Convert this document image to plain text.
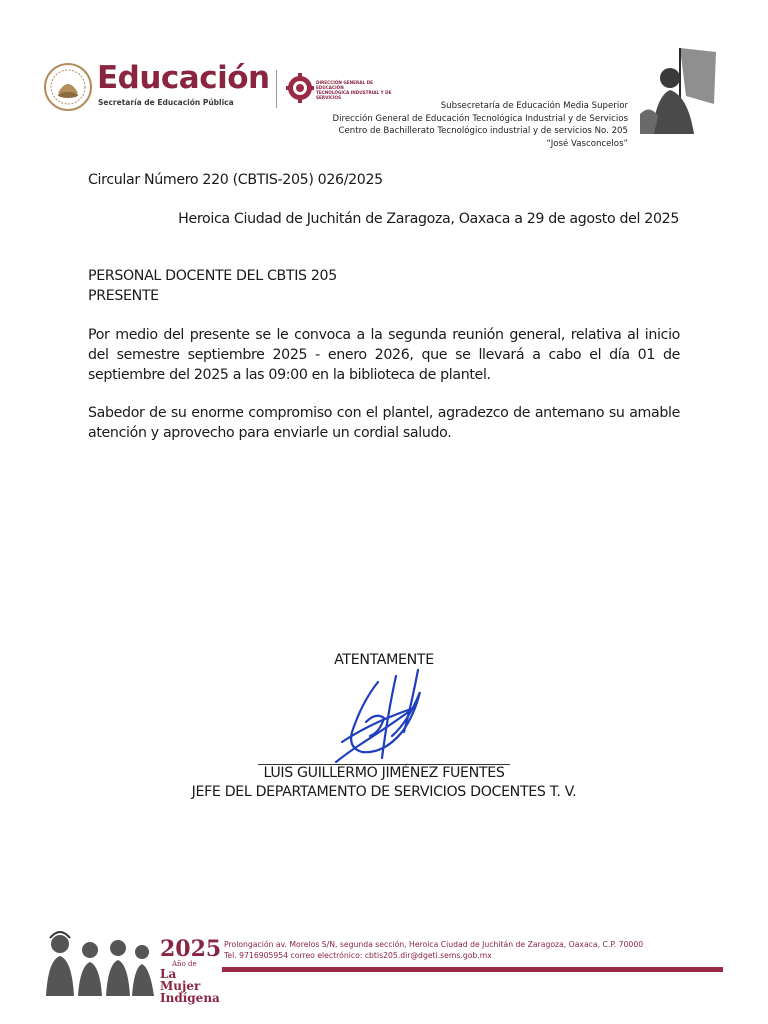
Educación
Secretaría de Educación Pública
DIRECCIÓN GENERAL DE EDUCACIÓN
TECNOLÓGICA INDUSTRIAL Y DE SERVICIOS
Subsecretaría de Educación Media Superior
Dirección General de Educación Tecnológica Industrial y de Servicios
Centro de Bachillerato Tecnológico industrial y de servicios No. 205
“José Vasconcelos”
Circular Número 220 (CBTIS-205) 026/2025
Heroica Ciudad de Juchitán de Zaragoza, Oaxaca a 29 de agosto del 2025
PERSONAL DOCENTE DEL CBTIS 205
PRESENTE
Por medio del presente se le convoca a la segunda reunión general, relativa al inicio del semestre septiembre 2025 - enero 2026, que se llevará a cabo el día 01 de septiembre del 2025 a las 09:00 en la biblioteca de plantel.
Sabedor de su enorme compromiso con el plantel, agradezco de antemano su amable atención y aprovecho para enviarle un cordial saludo.
ATENTAMENTE
LUIS GUILLERMO JIMÉNEZ FUENTES
JEFE DEL DEPARTAMENTO DE SERVICIOS DOCENTES T. V.
2025
Año de
La Mujer
Indígena
Prolongación av. Morelos S/N, segunda sección, Heroica Ciudad de Juchitán de Zaragoza, Oaxaca, C.P. 70000
Tel. 9716905954 correo electrónico: cbtis205.dir@dgeti.sems.gob.mx
